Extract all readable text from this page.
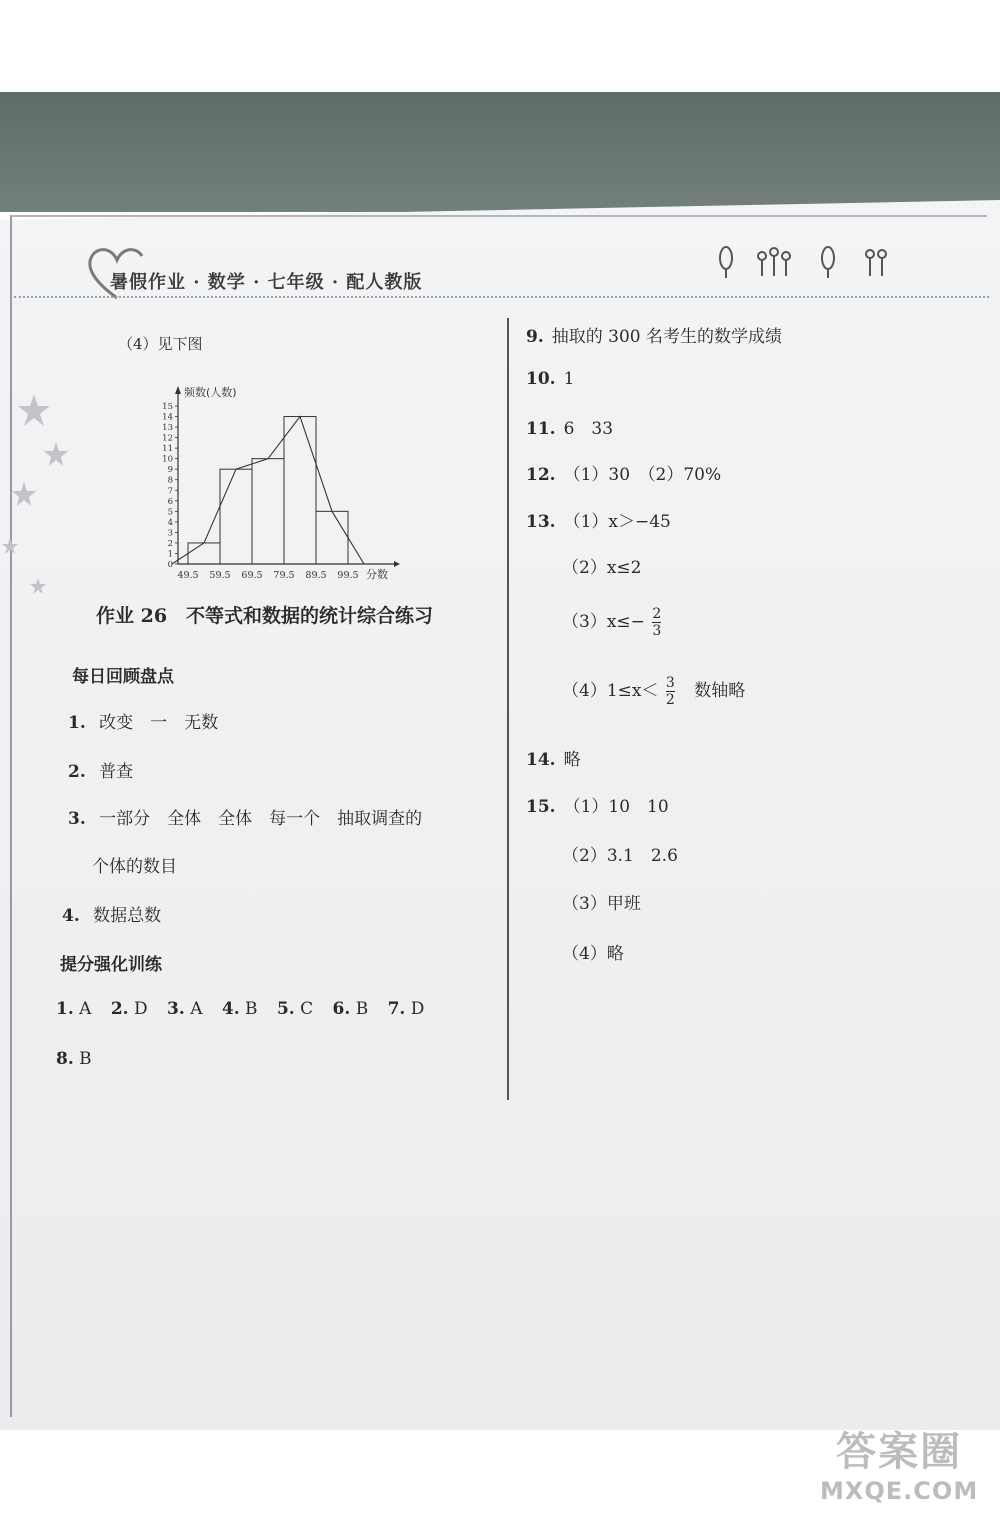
暑假作业 · 数学 · 七年级 · 配人教版
（4）见下图
0
1
2
3
4
5
6
7
8
9
10
11
12
13
14
15
频数(人数)
49.5 59.5 69.5 79.5 89.5 99.5 分数
作业 26　不等式和数据的统计综合练习
每日回顾盘点
1. 改变　一　无数
2. 普查
3. 一部分　全体　全体　每一个　抽取调查的
个体的数目
4. 数据总数
提分强化训练
1. A 2. D 3. A 4. B 5. C 6. B 7. D
8. B
9. 抽取的 300 名考生的数学成绩
10. 1
11. 6　33
12. （1）30　（2）70%
13. （1）x＞−45
（2）x≤2
$(3)x\le- \frac{2}{3}$
$(4)1\le x< \frac{3}{2}$ 数轴略
14. 略
15. （1）10　10
（2）3.1　2.6
（3）甲班
（4）略
答案圈
MXQE.COM
